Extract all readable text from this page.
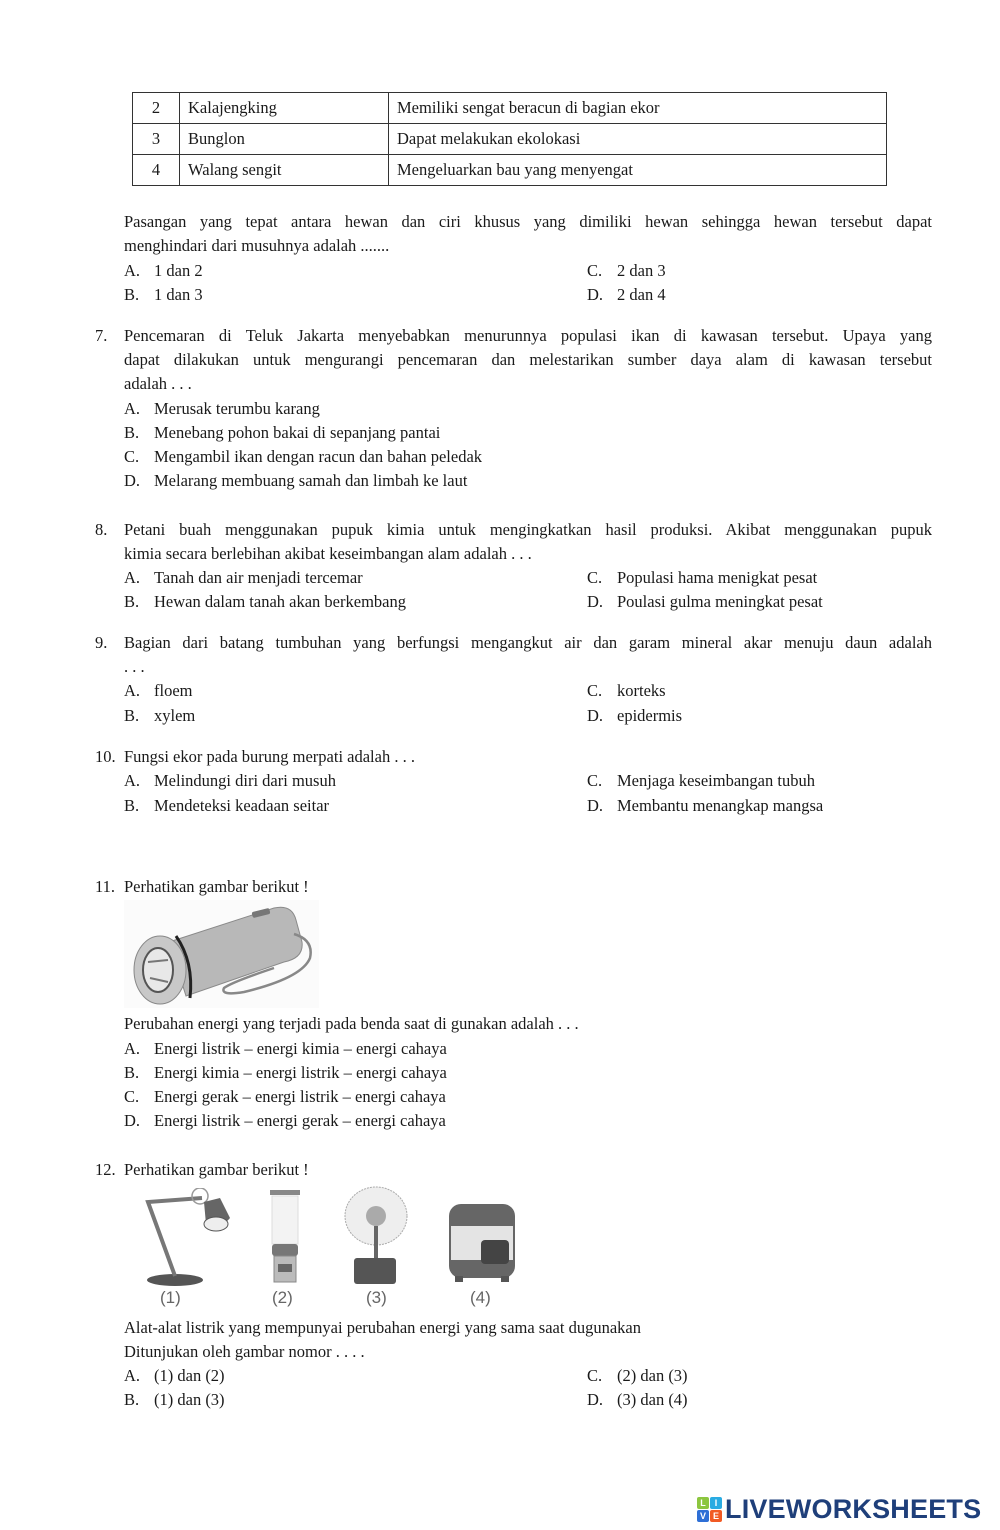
2	Kalajengking	Memiliki sengat beracun di bagian ekor
3	Bunglon	Dapat melakukan ekolokasi
4	Walang sengit	Mengeluarkan bau yang menyengat
Pasangan yang tepat antara hewan dan ciri khusus yang dimiliki hewan sehingga hewan tersebut dapat
menghindari dari musuhnya adalah .......
A. 1 dan 2
B. 1 dan 3
C. 2 dan 3
D. 2 dan 4
7. Pencemaran di Teluk Jakarta menyebabkan menurunnya populasi ikan di kawasan tersebut. Upaya yang
dapat dilakukan untuk mengurangi pencemaran dan melestarikan sumber daya alam di kawasan tersebut
adalah . . .
A. Merusak terumbu karang
B. Menebang pohon bakai di sepanjang pantai
C. Mengambil ikan dengan racun dan bahan peledak
D. Melarang membuang samah dan limbah ke laut
8. Petani buah menggunakan pupuk kimia untuk mengingkatkan hasil produksi. Akibat menggunakan pupuk
kimia secara berlebihan akibat keseimbangan alam adalah . . .
A. Tanah dan air menjadi tercemar
B. Hewan dalam tanah akan berkembang
C. Populasi hama menigkat pesat
D. Poulasi gulma meningkat pesat
9. Bagian dari batang tumbuhan yang berfungsi mengangkut air dan garam mineral akar menuju daun adalah
. . .
A. floem
B. xylem
C. korteks
D. epidermis
10. Fungsi ekor pada burung merpati adalah . . .
A. Melindungi diri dari musuh
B. Mendeteksi keadaan seitar
C. Menjaga keseimbangan tubuh
D. Membantu menangkap mangsa
11. Perhatikan gambar berikut !
Perubahan energi yang terjadi pada benda saat di gunakan adalah . . .
A. Energi listrik – energi kimia – energi cahaya
B. Energi kimia – energi listrik – energi cahaya
C. Energi gerak – energi listrik – energi cahaya
D. Energi listrik – energi gerak – energi cahaya
12. Perhatikan gambar berikut !
(1)	(2)	(3)	(4)
Alat-alat listrik yang mempunyai perubahan energi yang sama saat dugunakan
Ditunjukan oleh gambar nomor . . . .
A. (1) dan (2)
B. (1) dan (3)
C. (2) dan (3)
D. (3) dan (4)
L I
V E LIVEWORKSHEETS
